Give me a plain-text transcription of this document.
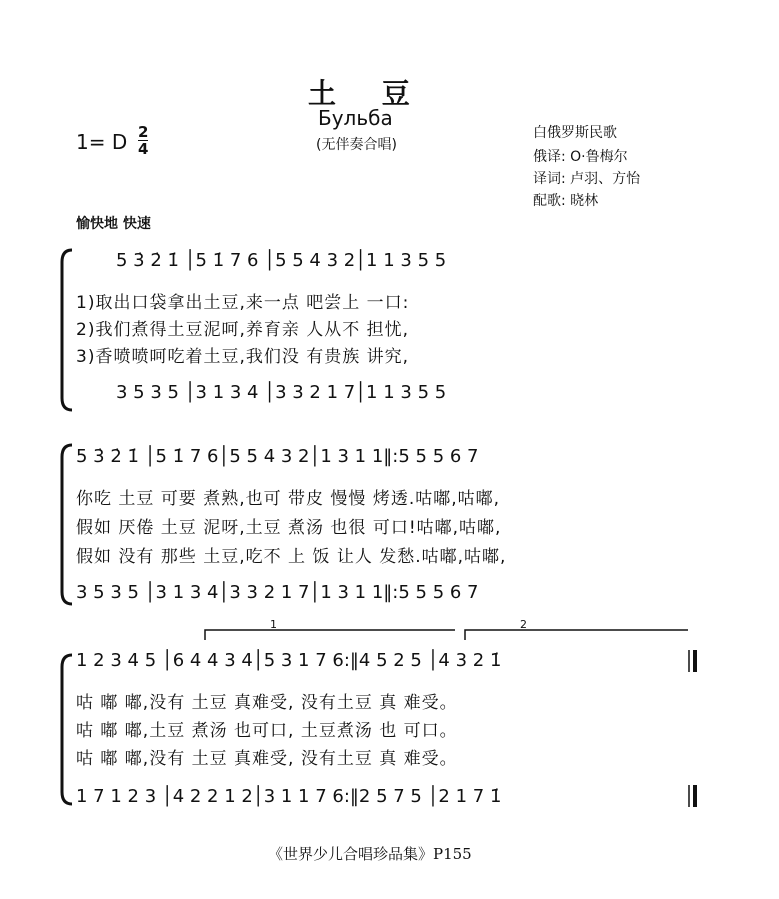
土 豆
Бульба
(无伴奏合唱)
1= D 2
4
白俄罗斯民歌
俄译: O·鲁梅尔
译词: 卢羽、方怡
配歌: 晓林
愉快地 快速
5 3̇ 2̇ 1̇ │5 1̇ 7 6 │5 5 4 3 2│1 1 3 5 5
1)取出口袋拿出土豆,来一点 吧尝上 一口:
2)我们煮得土豆泥呵,养育亲 人从不 担忧,
3)香喷喷呵吃着土豆,我们没 有贵族 讲究,
3 5 3 5 │3 1 3 4 │3 3 2 1 7│1 1 3 5 5
5 3̇ 2̇ 1̇ │5 1̇ 7 6│5 5 4 3 2│1 3 1 1‖:5 5 5 6 7
你吃 土豆 可要 煮熟,也可 带皮 慢慢 烤透.咕嘟,咕嘟,
假如 厌倦 土豆 泥呀,土豆 煮汤 也很 可口!咕嘟,咕嘟,
假如 没有 那些 土豆,吃不 上 饭 让人 发愁.咕嘟,咕嘟,
3 5 3 5 │3 1 3 4│3 3 2 1 7│1 3 1 1‖:5 5 5 6 7
1	2
1 2 3 4 5 │6 4 4 3 4│5 3 1 7 6:‖4 5 2 5 │4 3 2 1̇
咕 嘟 嘟,没有 土豆 真难受, 没有土豆 真 难受。
咕 嘟 嘟,土豆 煮汤 也可口, 土豆煮汤 也 可口。
咕 嘟 嘟,没有 土豆 真难受, 没有土豆 真 难受。
1 7 1 2 3 │4 2 2 1 2│3 1 1 7 6:‖2 5 7 5 │2 1 7 1̇
《世界少儿合唱珍品集》P155
